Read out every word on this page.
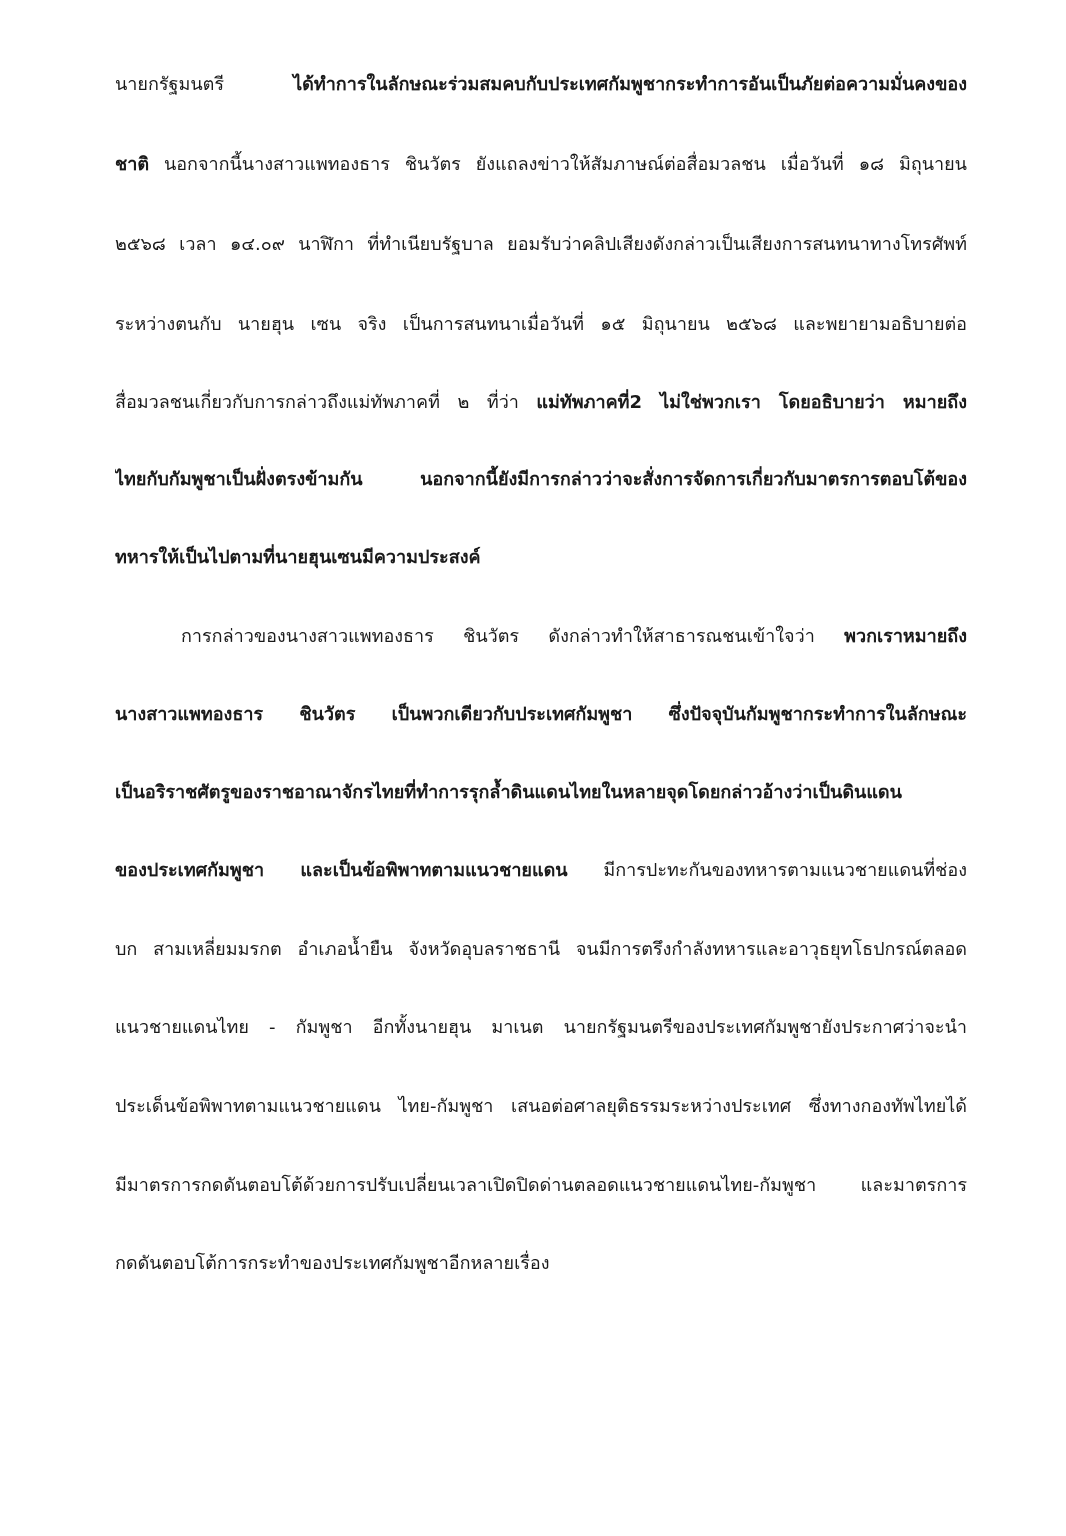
นายกรัฐมนตรี ได้ทำการในลักษณะร่วมสมคบกับประเทศกัมพูชากระทำการอันเป็นภัยต่อความมั่นคงของ
ชาติ นอกจากนี้นางสาวแพทองธาร ชินวัตร ยังแถลงข่าวให้สัมภาษณ์ต่อสื่อมวลชน เมื่อวันที่ ๑๘ มิถุนายน
๒๕๖๘ เวลา ๑๔.๐๙ นาฬิกา ที่ทำเนียบรัฐบาล ยอมรับว่าคลิปเสียงดังกล่าวเป็นเสียงการสนทนาทางโทรศัพท์
ระหว่างตนกับ นายฮุน เซน จริง เป็นการสนทนาเมื่อวันที่ ๑๕ มิถุนายน ๒๕๖๘ และพยายามอธิบายต่อ
สื่อมวลชนเกี่ยวกับการกล่าวถึงแม่ทัพภาคที่ ๒ ที่ว่า แม่ทัพภาคที่2 ไม่ใช่พวกเรา โดยอธิบายว่า หมายถึง
ไทยกับกัมพูชาเป็นฝั่งตรงข้ามกัน นอกจากนี้ยังมีการกล่าวว่าจะสั่งการจัดการเกี่ยวกับมาตรการตอบโต้ของ
ทหารให้เป็นไปตามที่นายฮุนเซนมีความประสงค์
การกล่าวของนางสาวแพทองธาร ชินวัตร ดังกล่าวทำให้สาธารณชนเข้าใจว่า พวกเราหมายถึง
นางสาวแพทองธาร ชินวัตร เป็นพวกเดียวกับประเทศกัมพูชา ซึ่งปัจจุบันกัมพูชากระทำการในลักษณะ
เป็นอริราชศัตรูของราชอาณาจักรไทยที่ทำการรุกล้ำดินแดนไทยในหลายจุดโดยกล่าวอ้างว่าเป็นดินแดน
ของประเทศกัมพูชา และเป็นข้อพิพาทตามแนวชายแดน มีการปะทะกันของทหารตามแนวชายแดนที่ช่อง
บก สามเหลี่ยมมรกต อำเภอน้ำยืน จังหวัดอุบลราชธานี จนมีการตรึงกำลังทหารและอาวุธยุทโธปกรณ์ตลอด
แนวชายแดนไทย - กัมพูชา อีกทั้งนายฮุน มาเนต นายกรัฐมนตรีของประเทศกัมพูชายังประกาศว่าจะนำ
ประเด็นข้อพิพาทตามแนวชายแดน ไทย-กัมพูชา เสนอต่อศาลยุติธรรมระหว่างประเทศ ซึ่งทางกองทัพไทยได้
มีมาตรการกดดันตอบโต้ด้วยการปรับเปลี่ยนเวลาเปิดปิดด่านตลอดแนวชายแดนไทย-กัมพูชา และมาตรการ
กดดันตอบโต้การกระทำของประเทศกัมพูชาอีกหลายเรื่อง
